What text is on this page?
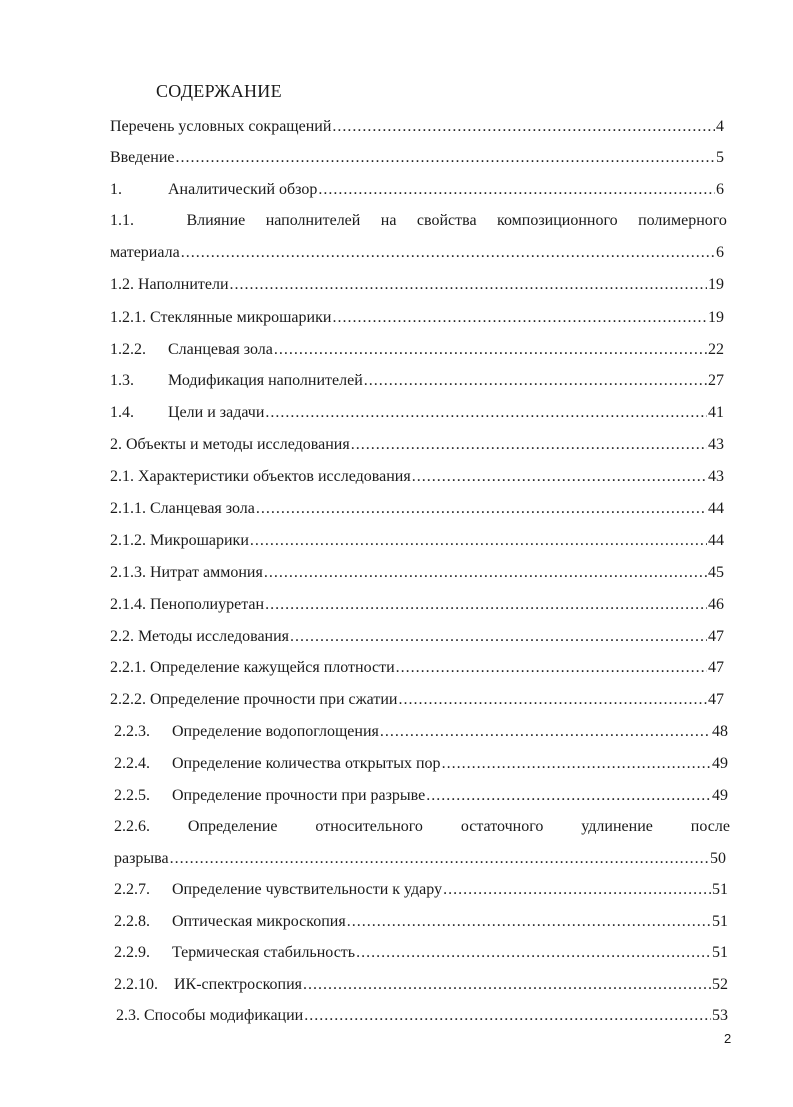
СОДЕРЖАНИЕ
Перечень условных сокращений .....	4
Введение .....	5
1.	Аналитический обзор .....	6
1.1.	Влияние наполнителей на свойства композиционного полимерного
материала .....	6
1.2. Наполнители .....	19
1.2.1. Стеклянные микрошарики .....	19
1.2.2.	Сланцевая зола .....	22
1.3.	Модификация наполнителей .....	27
1.4.	Цели и задачи .....	41
2. Объекты и методы исследования .....	43
2.1. Характеристики объектов исследования .....	43
2.1.1. Сланцевая зола .....	44
2.1.2. Микрошарики .....	44
2.1.3. Нитрат аммония .....	45
2.1.4. Пенополиуретан .....	46
2.2. Методы исследования .....	47
2.2.1. Определение кажущейся плотности .....	47
2.2.2. Определение прочности при сжатии .....	47
2.2.3.	Определение водопоглощения .....	48
2.2.4.	Определение количества открытых пор .....	49
2.2.5.	Определение прочности при разрыве .....	49
2.2.6. Определение относительного остаточного удлинение после
разрыва .....	50
2.2.7.	Определение чувствительности к удару .....	51
2.2.8.	Оптическая микроскопия .....	51
2.2.9.	Термическая стабильность .....	51
2.2.10.	ИК-спектроскопия .....	52
2.3. Способы модификации .....	53
2
